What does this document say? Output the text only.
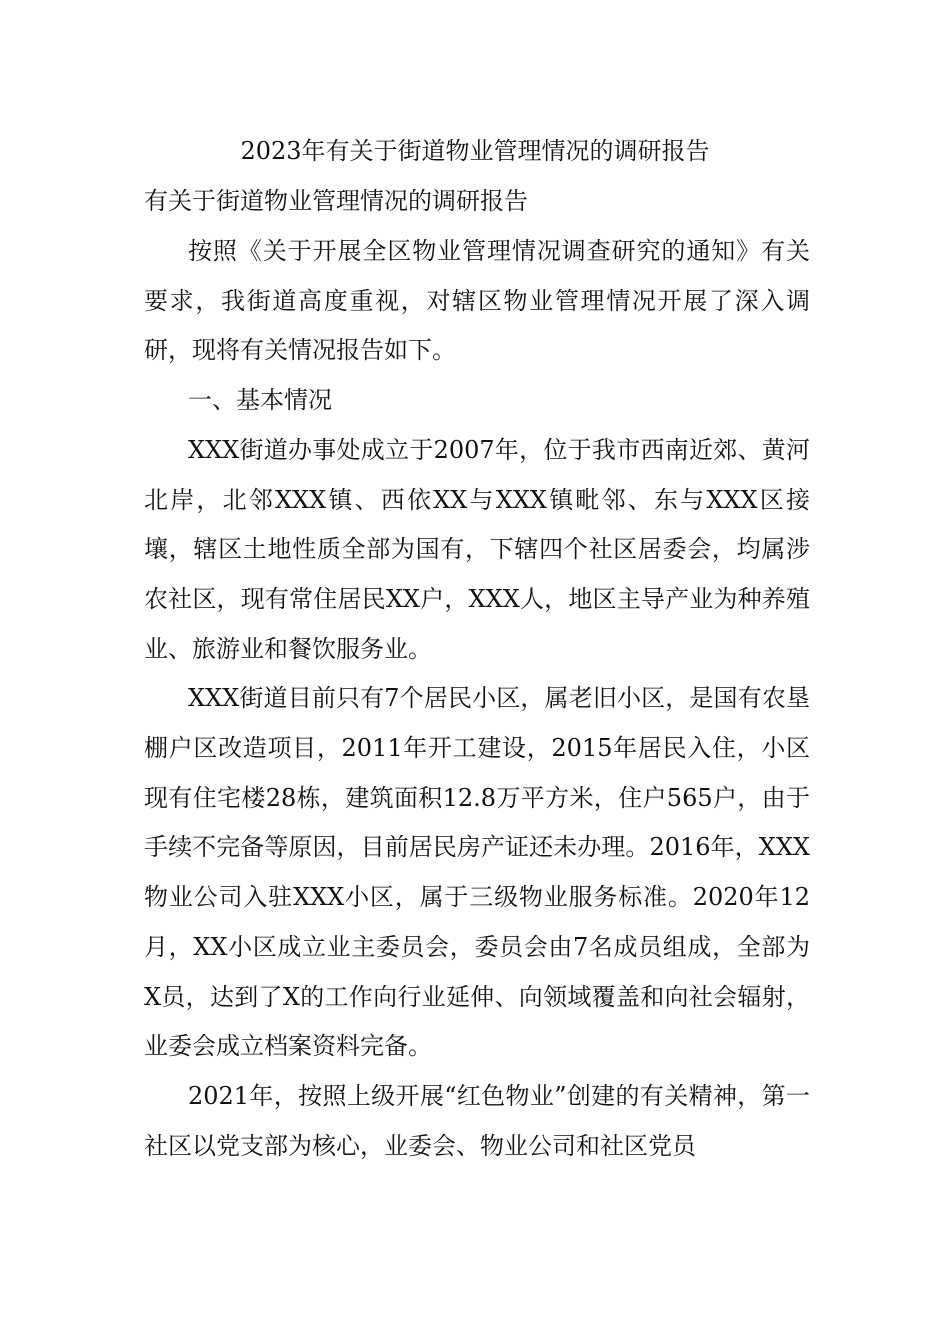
2023年有关于街道物业管理情况的调研报告
有关于街道物业管理情况的调研报告

按照《关于开展全区物业管理情况调查研究的通知》有关要求，我街道高度重视，对辖区物业管理情况开展了深入调研，现将有关情况报告如下。

一、基本情况

XXX街道办事处成立于2007年，位于我市西南近郊、黄河北岸，北邻XXX镇、西依XX与XXX镇毗邻、东与XXX区接壤，辖区土地性质全部为国有，下辖四个社区居委会，均属涉农社区，现有常住居民XX户，XXX人，地区主导产业为种养殖业、旅游业和餐饮服务业。

XXX街道目前只有7个居民小区，属老旧小区，是国有农垦棚户区改造项目，2011年开工建设，2015年居民入住，小区现有住宅楼28栋，建筑面积12.8万平方米，住户565户，由于手续不完备等原因，目前居民房产证还未办理。2016年，XXX物业公司入驻XXX小区，属于三级物业服务标准。2020年12月，XX小区成立业主委员会，委员会由7名成员组成，全部为X员，达到了X的工作向行业延伸、向领域覆盖和向社会辐射，业委会成立档案资料完备。

2021年，按照上级开展“红色物业”创建的有关精神，第一社区以党支部为核心，业委会、物业公司和社区党员
